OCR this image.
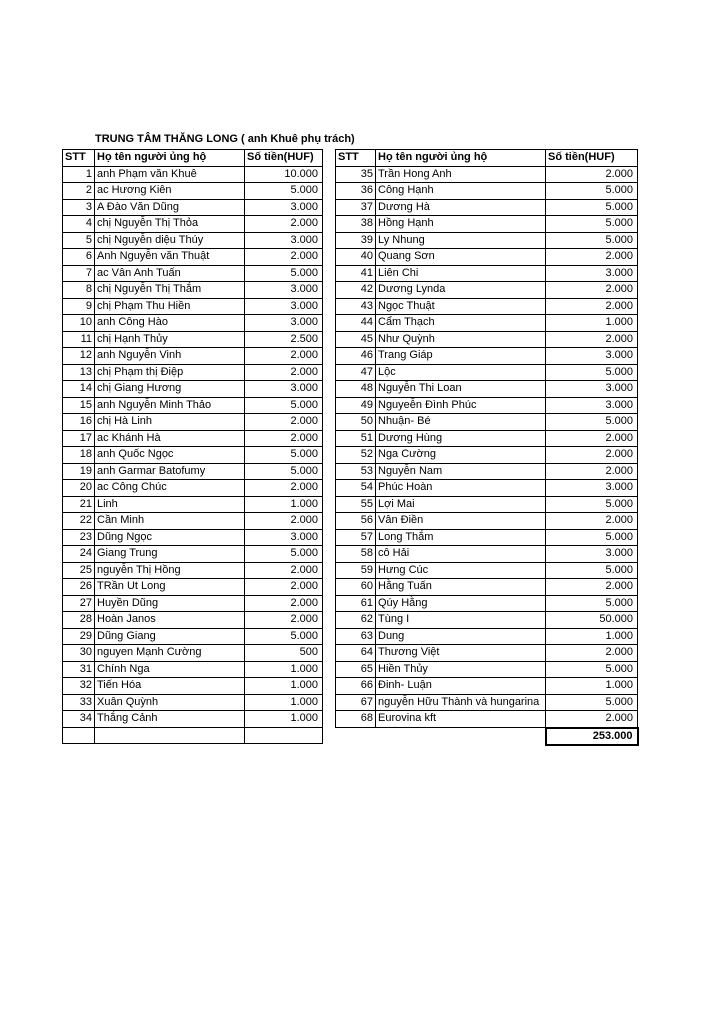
TRUNG TÂM THĂNG LONG ( anh Khuê phụ trách)
STT	Họ tên người ủng hộ	Số tiền(HUF)
1	anh Phạm văn Khuê	10.000
2	ac Hương Kiên	5.000
3	A Đào Văn Dũng	3.000
4	chị Nguyễn Thị Thỏa	2.000
5	chị Nguyễn diệu Thúy	3.000
6	Anh Nguyễn văn Thuật	2.000
7	ac Vân Anh Tuấn	5.000
8	chị Nguyễn Thị Thắm	3.000
9	chị Phạm Thu Hiền	3.000
10	anh Công Hào	3.000
11	chị Hạnh Thủy	2.500
12	anh Nguyễn Vinh	2.000
13	chị Phạm thị Điệp	2.000
14	chị Giang Hương	3.000
15	anh Nguyễn Minh Thảo	5.000
16	chị Hà Linh	2.000
17	ac Khánh Hà	2.000
18	anh Quốc Ngọc	5.000
19	anh Garmar Batofumy	5.000
20	ac Công Chúc	2.000
21	Linh	1.000
22	Cần Minh	2.000
23	Dũng Ngọc	3.000
24	Giang Trung	5.000
25	nguyễn Thị Hồng	2.000
26	TRần Ut Long	2.000
27	Huyền Dũng	2.000
28	Hoàn Janos	2.000
29	Dũng Giang	5.000
30	nguyen Mạnh Cường	500
31	Chính Nga	1.000
32	Tiến Hóa	1.000
33	Xuân Quỳnh	1.000
34	Thắng Cảnh	1.000

STT	Họ tên người ủng hộ	Số tiền(HUF)
35	Trần Hong Anh	2.000
36	Công Hạnh	5.000
37	Dương Hà	5.000
38	Hồng Hạnh	5.000
39	Ly Nhung	5.000
40	Quang Sơn	2.000
41	Liên Chi	3.000
42	Dương Lynda	2.000
43	Ngọc Thuật	2.000
44	Cẩm Thạch	1.000
45	Như Quỳnh	2.000
46	Trang Giáp	3.000
47	Lộc	5.000
48	Nguyễn Thi Loan	3.000
49	Nguyeễn Đình Phúc	3.000
50	Nhuận- Bé	5.000
51	Dương Hùng	2.000
52	Nga Cường	2.000
53	Nguyễn Nam	2.000
54	Phúc Hoàn	3.000
55	Lợi Mai	5.000
56	Vân Điền	2.000
57	Long Thắm	5.000
58	cô Hải	3.000
59	Hưng Cúc	5.000
60	Hằng Tuấn	2.000
61	Qúy Hằng	5.000
62	Tùng I	50.000
63	Dung	1.000
64	Thương Việt	2.000
65	Hiền Thủy	5.000
66	Đinh- Luận	1.000
67	nguyễn Hữu Thành và hungarina	5.000
68	Eurovina kft	2.000
		253.000
